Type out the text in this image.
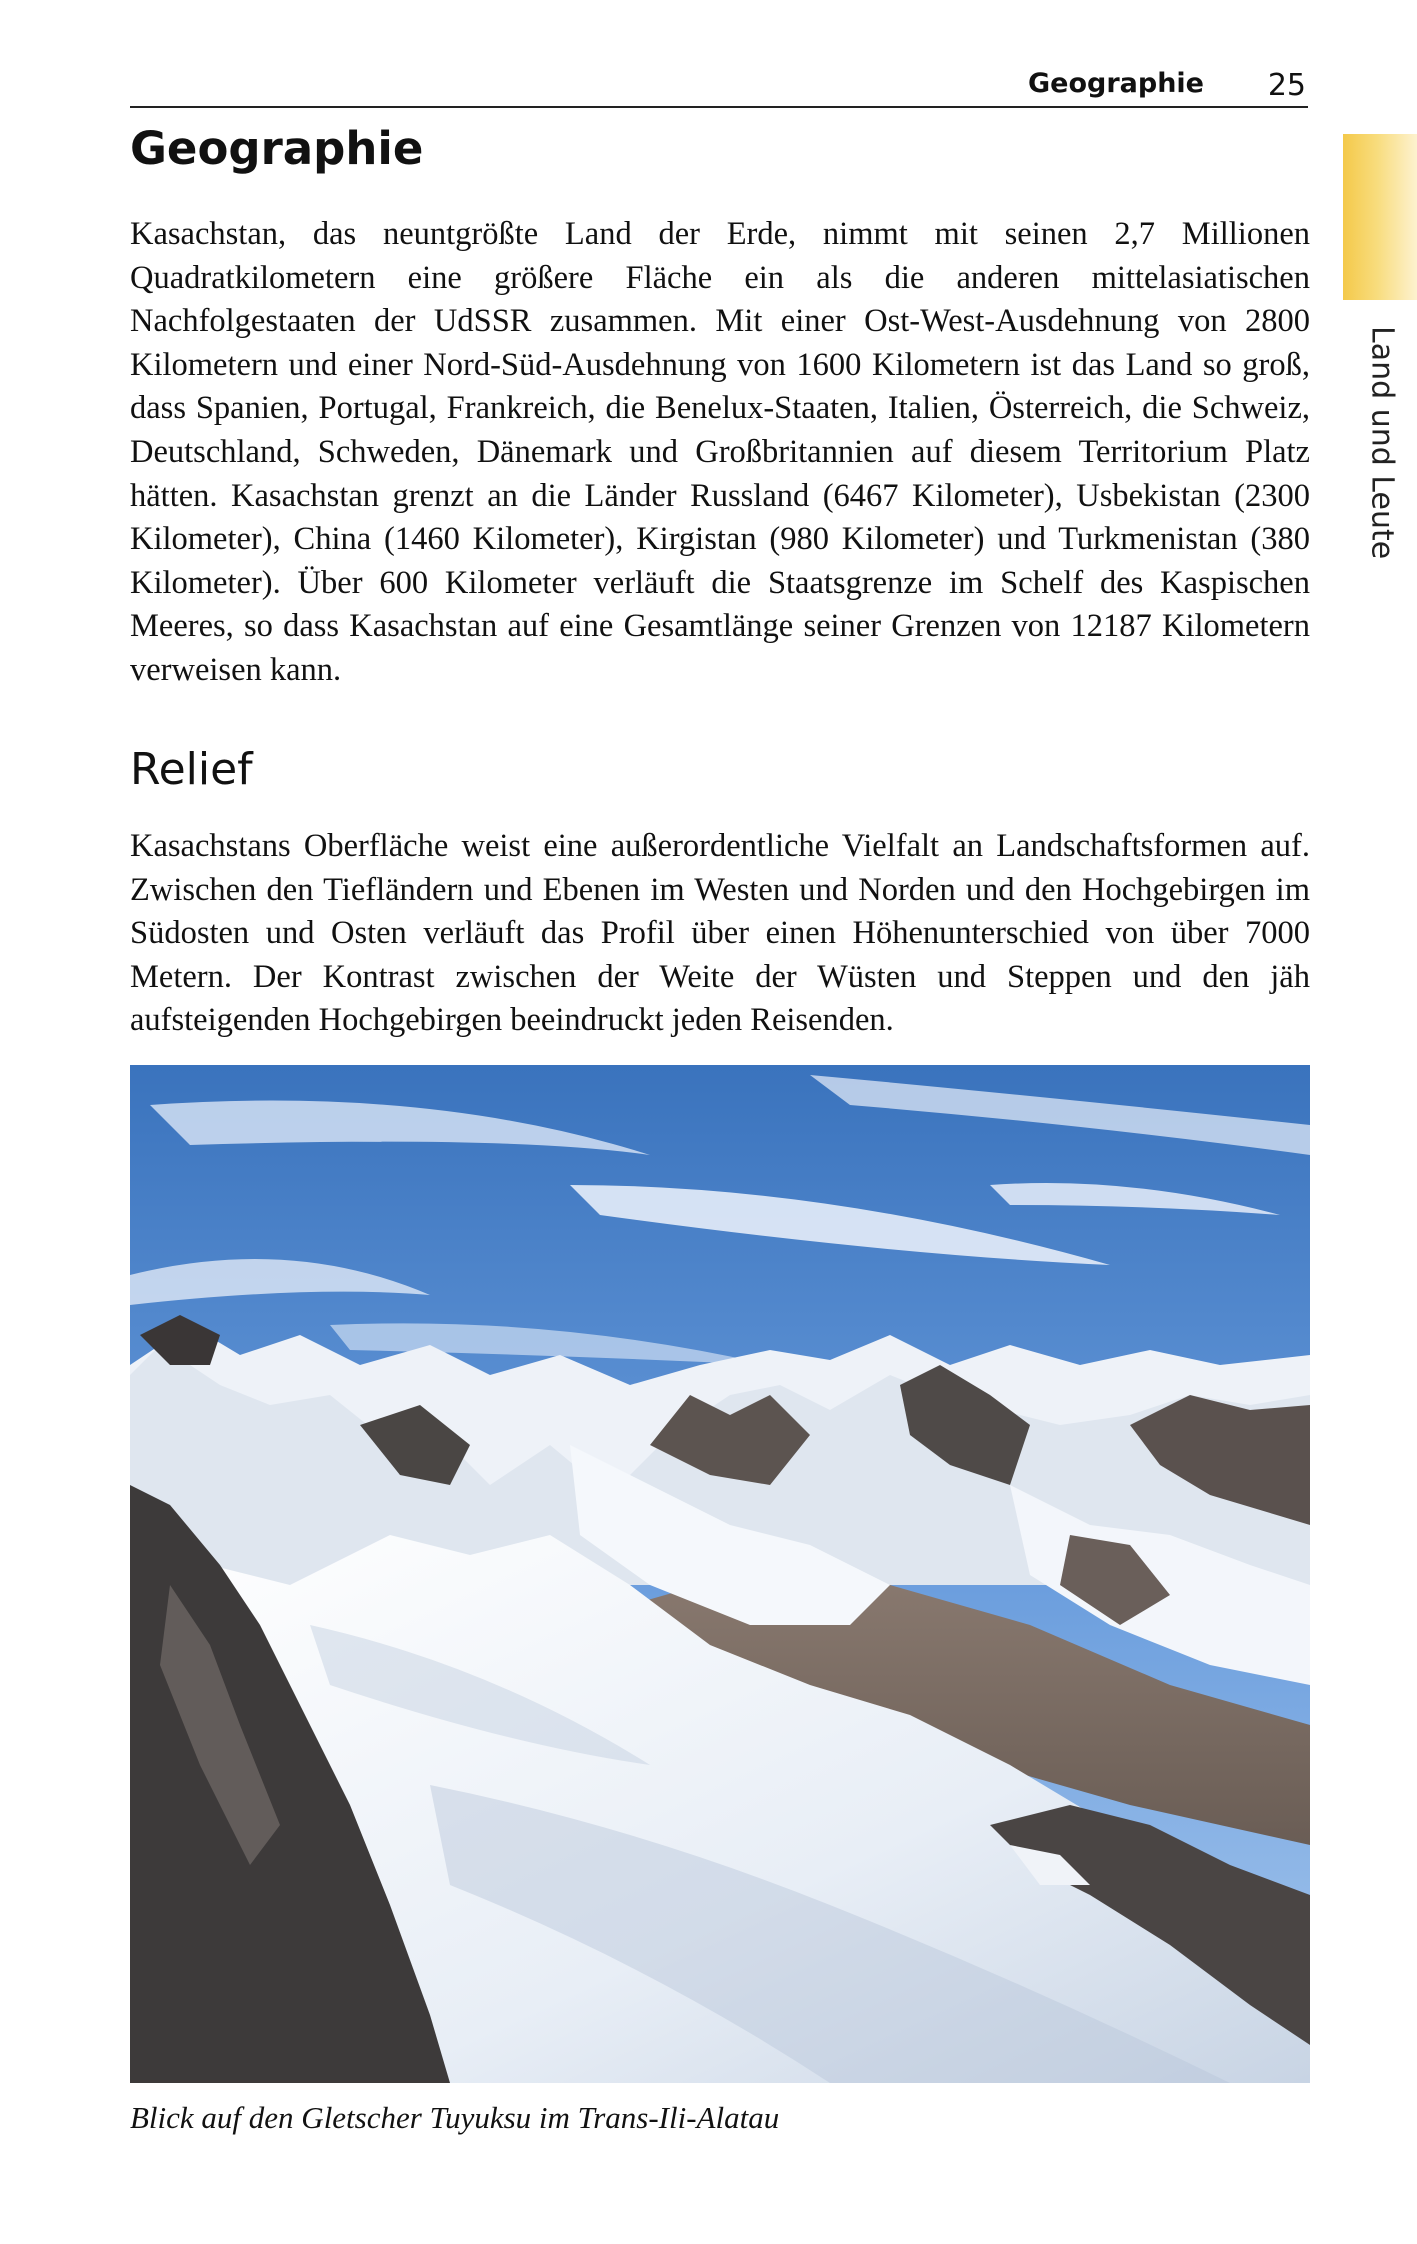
Geographie 25
Land und Leute
Geographie

Kasachstan, das neuntgrößte Land der Erde, nimmt mit seinen 2,7 Millionen Quadratkilometern eine größere Fläche ein als die anderen mittelasiatischen Nachfolgestaaten der UdSSR zusammen. Mit einer Ost-West-Ausdehnung von 2800 Kilometern und einer Nord-Süd-Ausdehnung von 1600 Kilometern ist das Land so groß, dass Spanien, Portugal, Frankreich, die Benelux-Staaten, Italien, Österreich, die Schweiz, Deutschland, Schweden, Dänemark und Großbritannien auf diesem Territorium Platz hätten. Kasachstan grenzt an die Länder Russland (6467 Kilometer), Usbekistan (2300 Kilometer), China (1460 Kilometer), Kirgistan (980 Kilometer) und Turkmenistan (380 Kilometer). Über 600 Kilometer verläuft die Staatsgrenze im Schelf des Kaspischen Meeres, so dass Kasachstan auf eine Gesamtlänge seiner Grenzen von 12187 Kilometern verweisen kann.

Relief

Kasachstans Oberfläche weist eine außerordentliche Vielfalt an Landschaftsformen auf. Zwischen den Tiefländern und Ebenen im Westen und Norden und den Hochgebirgen im Südosten und Osten verläuft das Profil über einen Höhenunterschied von über 7000 Metern. Der Kontrast zwischen der Weite der Wüsten und Steppen und den jäh aufsteigenden Hochgebirgen beeindruckt jeden Reisenden.

Blick auf den Gletscher Tuyuksu im Trans-Ili-Alatau
